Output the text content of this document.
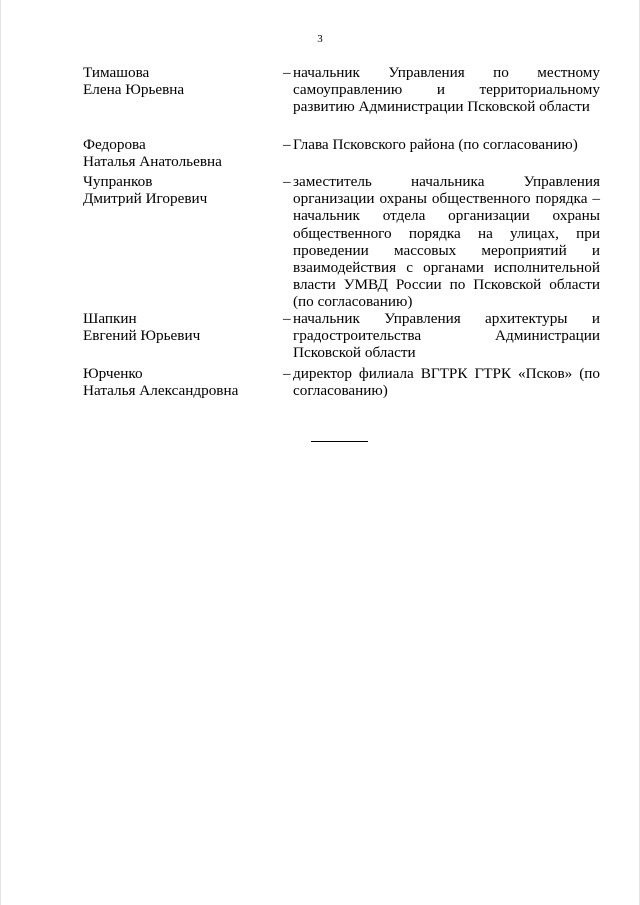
3
Тимашова
Елена Юрьевна
– начальник Управления по местному самоуправлению и территориальному развитию Администрации Псковской области
Федорова
Наталья Анатольевна
– Глава Псковского района (по согласованию)
Чупранков
Дмитрий Игоревич
– заместитель начальника Управления организации охраны общественного порядка – начальник отдела организации охраны общественного порядка на улицах, при проведении массовых мероприятий и взаимодействия с органами исполнительной власти УМВД России по Псковской области (по согласованию)
Шапкин
Евгений Юрьевич
– начальник Управления архитектуры и градостроительства Администрации Псковской области
Юрченко
Наталья Александровна
– директор филиала ВГТРК ГТРК «Псков» (по согласованию)
